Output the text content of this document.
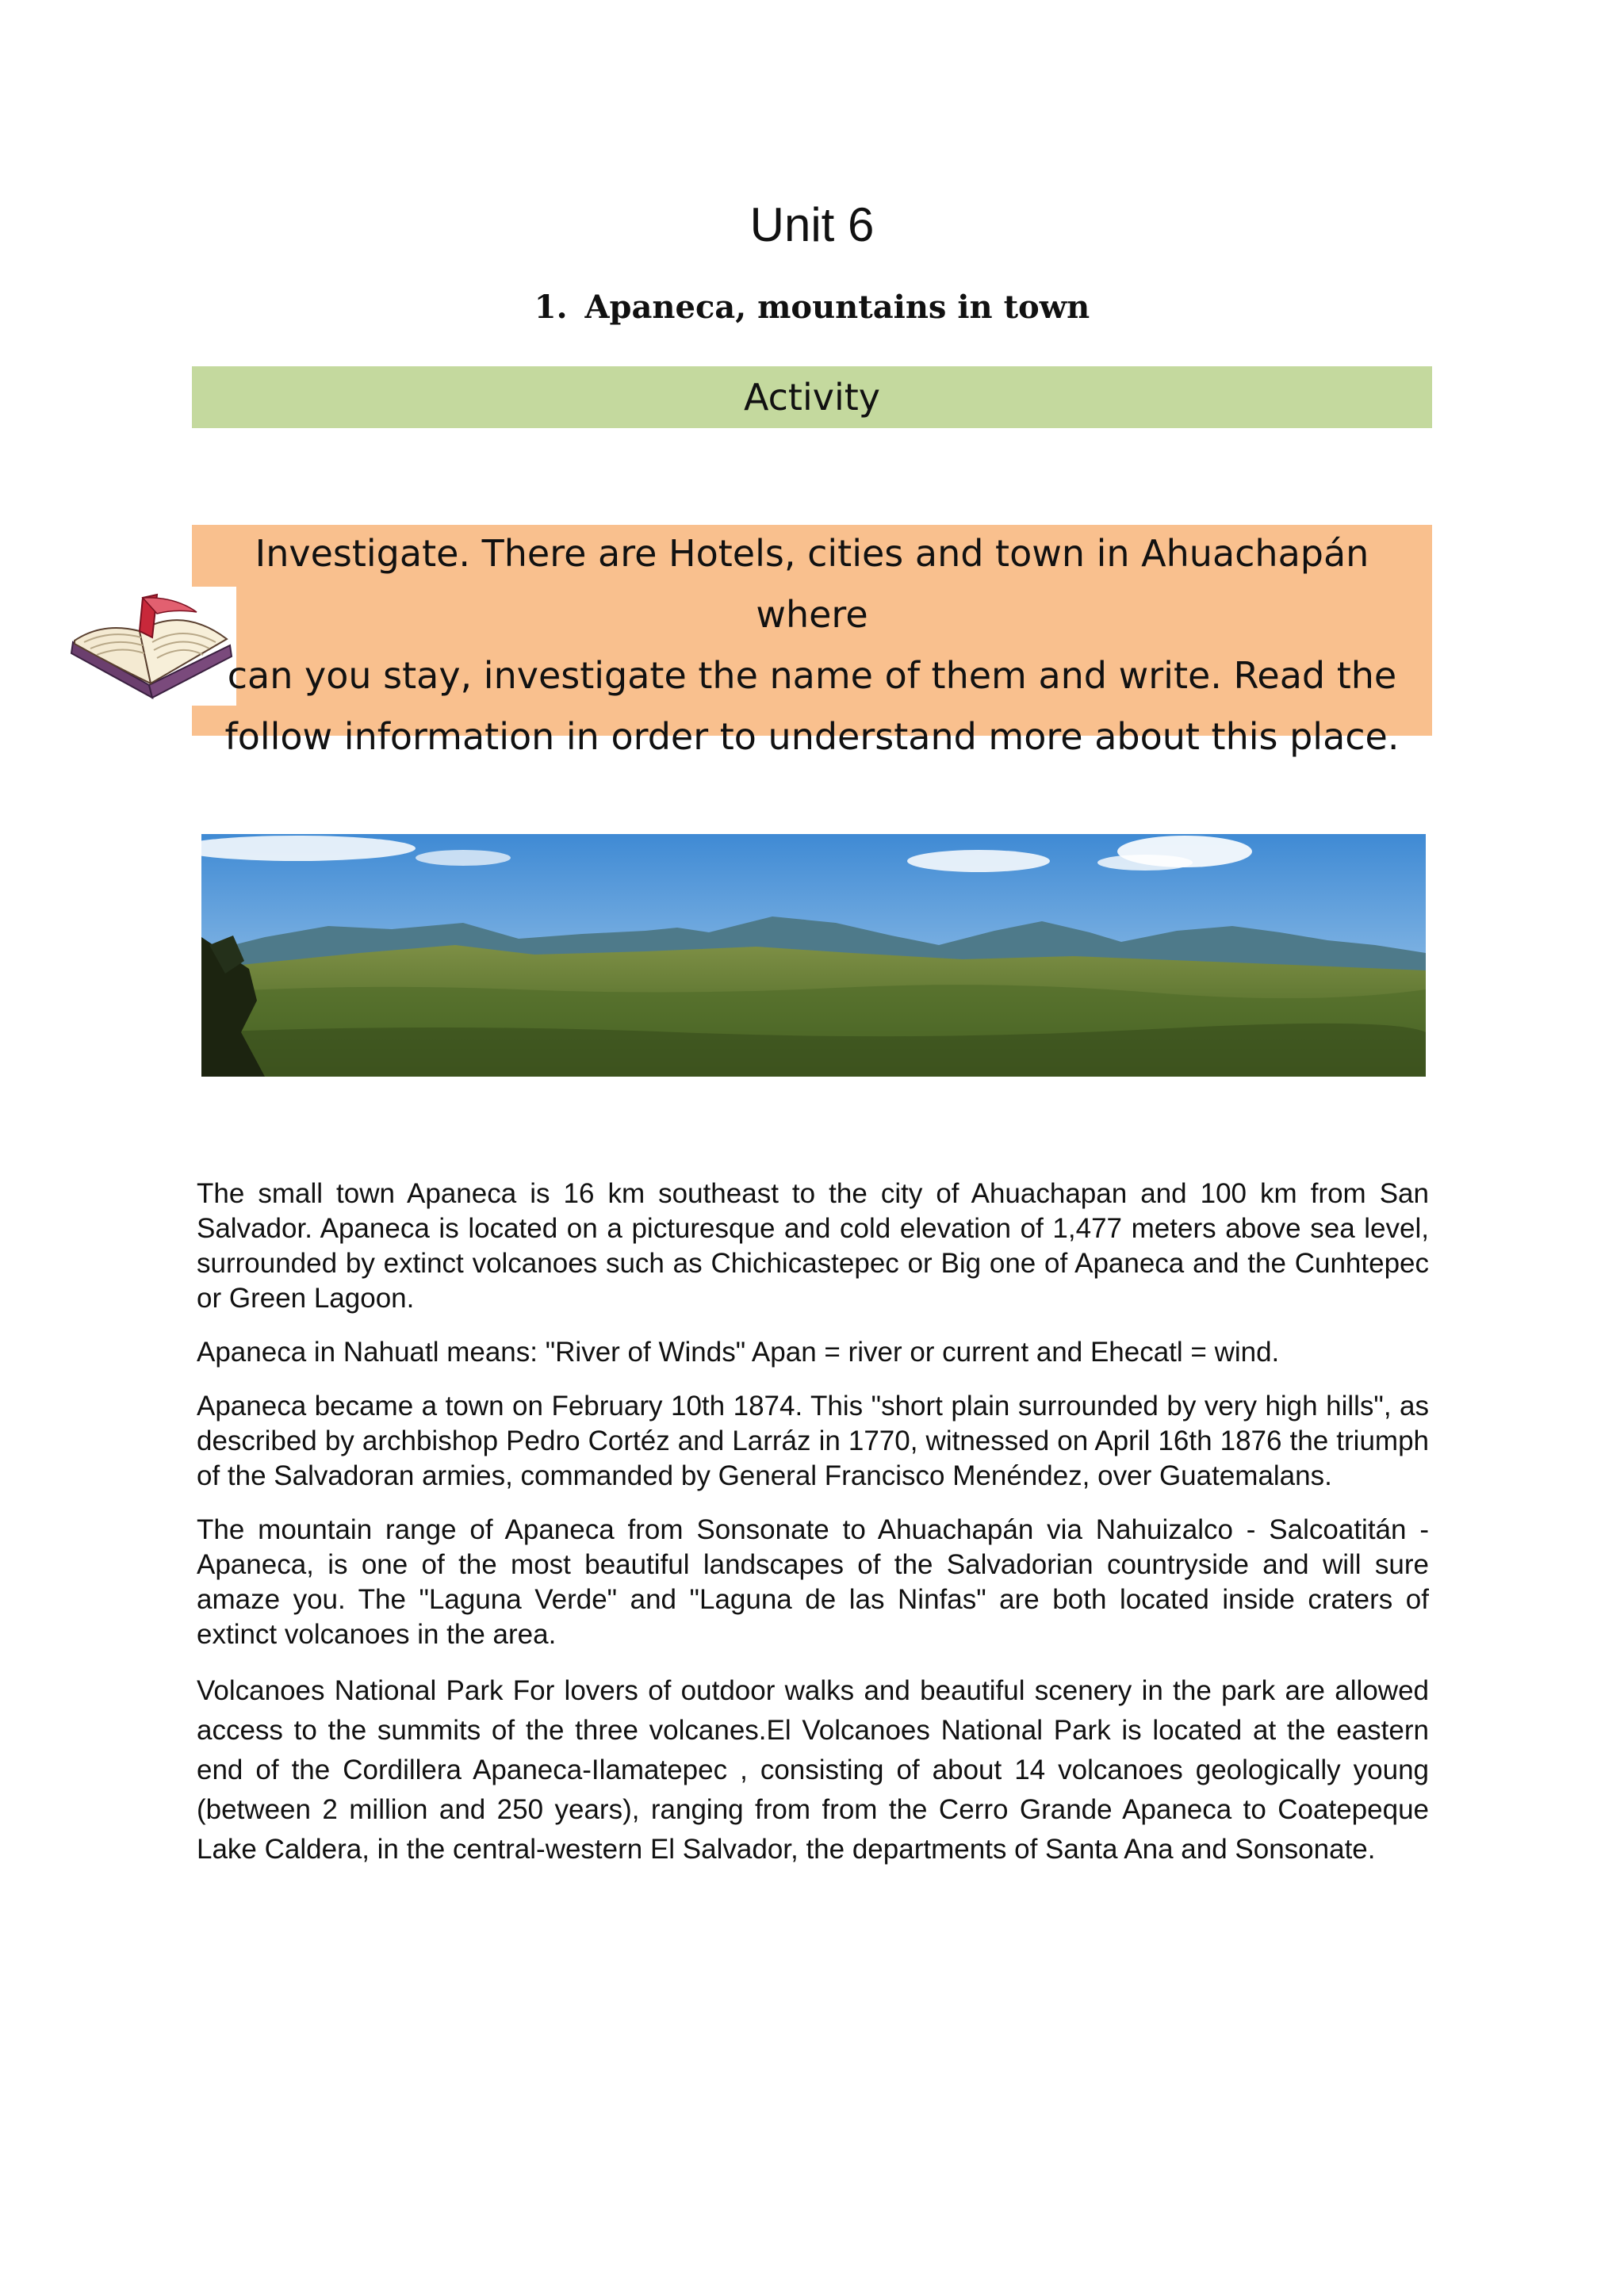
Unit 6
1. Apaneca, mountains in town
Activity
Investigate. There are Hotels, cities and town in Ahuachapán where
can you stay, investigate the name of them and write. Read the
follow information in order to understand more about this place.

The small town Apaneca is 16 km southeast to the city of Ahuachapan and 100 km from San Salvador. Apaneca is located on a picturesque and cold elevation of 1,477 meters above sea level, surrounded by extinct volcanoes such as Chichicastepec or Big one of Apaneca and the Cunhtepec or Green Lagoon.

Apaneca in Nahuatl means: "River of Winds" Apan = river or current and Ehecatl = wind.

Apaneca became a town on February 10th 1874. This "short plain surrounded by very high hills", as described by archbishop Pedro Cortéz and Larráz in 1770, witnessed on April 16th 1876 the triumph of the Salvadoran armies, commanded by General Francisco Menéndez, over Guatemalans.

The mountain range of Apaneca from Sonsonate to Ahuachapán via Nahuizalco - Salcoatitán - Apaneca, is one of the most beautiful landscapes of the Salvadorian countryside and will sure amaze you. The "Laguna Verde" and "Laguna de las Ninfas" are both located inside craters of extinct volcanoes in the area.

Volcanoes National Park For lovers of outdoor walks and beautiful scenery in the park are allowed access to the summits of the three volcanes.El Volcanoes National Park is located at the eastern end of the Cordillera Apaneca-Ilamatepec , consisting of about 14 volcanoes geologically young (between 2 million and 250 years), ranging from from the Cerro Grande Apaneca to Coatepeque Lake Caldera, in the central-western El Salvador, the departments of Santa Ana and Sonsonate.
